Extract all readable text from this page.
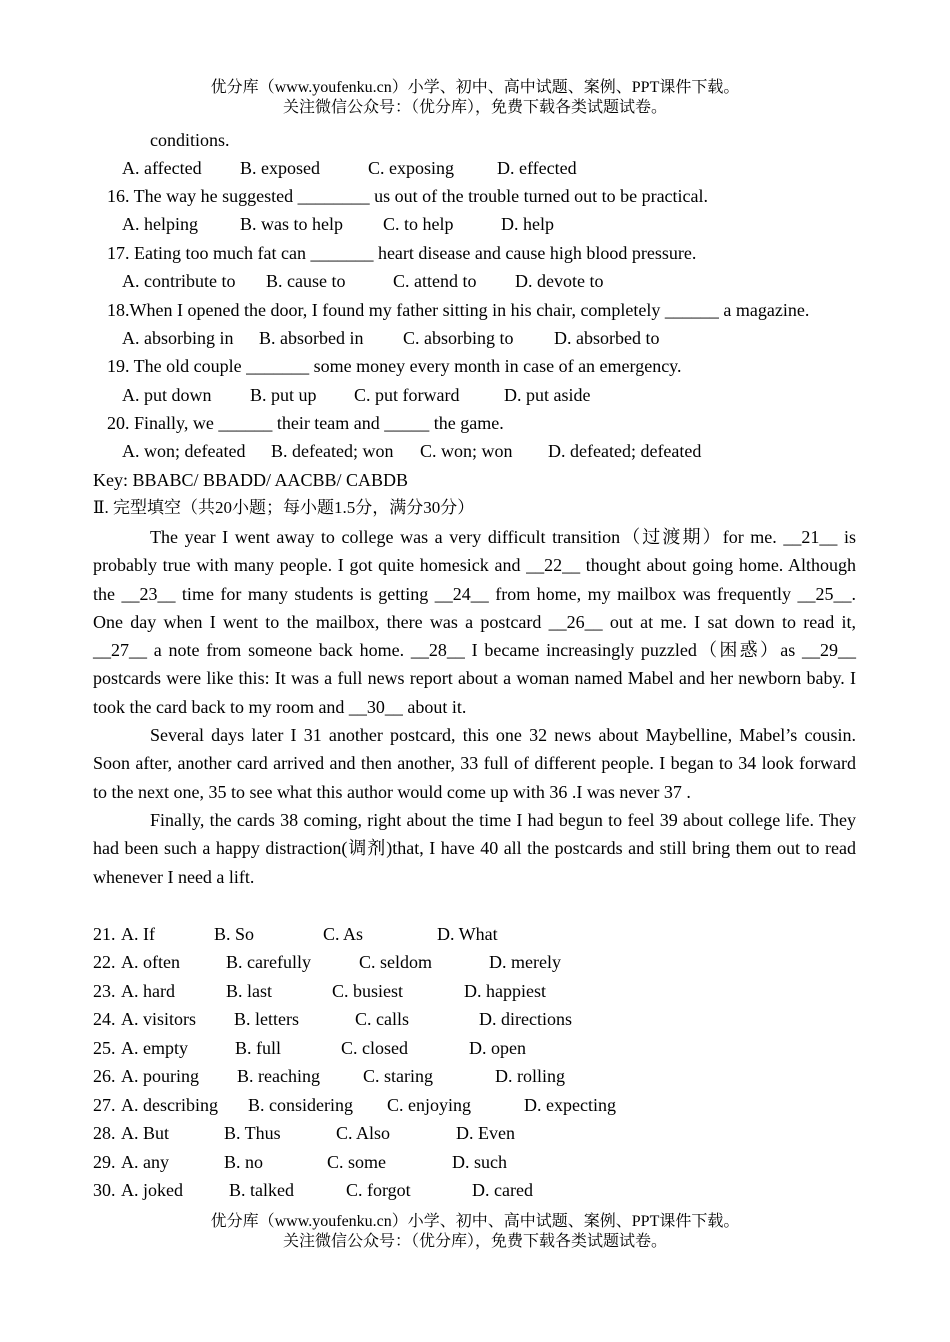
优分库（www.youfenku.cn）小学、初中、高中试题、案例、PPT课件下载。
关注微信公众号：（优分库），免费下载各类试题试卷。
conditions.
A. affected B. exposed	C. exposing D. effected
16. The way he suggested ________ us out of the trouble turned out to be practical.
A. helping B. was to help C. to help	D. help
17. Eating too much fat can _______ heart disease and cause high blood pressure.
A. contribute to B. cause to	C. attend to D. devote to
18.When I opened the door, I found my father sitting in his chair, completely ______ a magazine.
A. absorbing in B. absorbed in C. absorbing to D. absorbed to
19. The old couple _______ some money every month in case of an emergency.
A. put down B. put up C. put forward D. put aside
20. Finally, we ______ their team and _____ the game.
A. won; defeated B. defeated; won C. won; won D. defeated; defeated
Key: BBABC/ BBADD/ AACBB/ CABDB
Ⅱ. 完型填空（共20小题；每小题1.5分，满分30分）

The year I went away to college was a very difficult transition（过渡期）for me. __21__ is probably true with many people. I got quite homesick and __22__ thought about going home. Although the __23__ time for many students is getting __24__ from home, my mailbox was frequently __25__. One day when I went to the mailbox, there was a postcard __26__ out at me. I sat down to read it, __27__ a note from someone back home. __28__ I became increasingly puzzled（困惑）as __29__ postcards were like this: It was a full news report about a woman named Mabel and her newborn baby. I took the card back to my room and __30__ about it.

Several days later I 31 another postcard, this one 32 news about Maybelline, Mabel’s cousin. Soon after, another card arrived and then another, 33 full of different people. I began to 34 look forward to the next one, 35 to see what this author would come up with 36 .I was never 37 .

Finally, the cards 38 coming, right about the time I had begun to feel 39 about college life. They had been such a happy distraction(调剂)that, I have 40 all the postcards and still bring them out to read whenever I need a lift.

21. A. If	B. So	C. As	D. What
22. A. often	B. carefully	C. seldom	D. merely
23. A. hard	B. last	C. busiest	D. happiest
24. A. visitors B. letters	C. calls	D. directions
25. A. empty	B. full	C. closed	D. open
26. A. pouring B. reaching C. staring	D. rolling
27. A. describing B. considering C. enjoying	D. expecting
28. A. But	B. Thus	C. Also	D. Even
29. A. any	B. no	C. some	D. such
30. A. joked	B. talked	C. forgot	D. cared
优分库（www.youfenku.cn）小学、初中、高中试题、案例、PPT课件下载。
关注微信公众号：（优分库），免费下载各类试题试卷。
